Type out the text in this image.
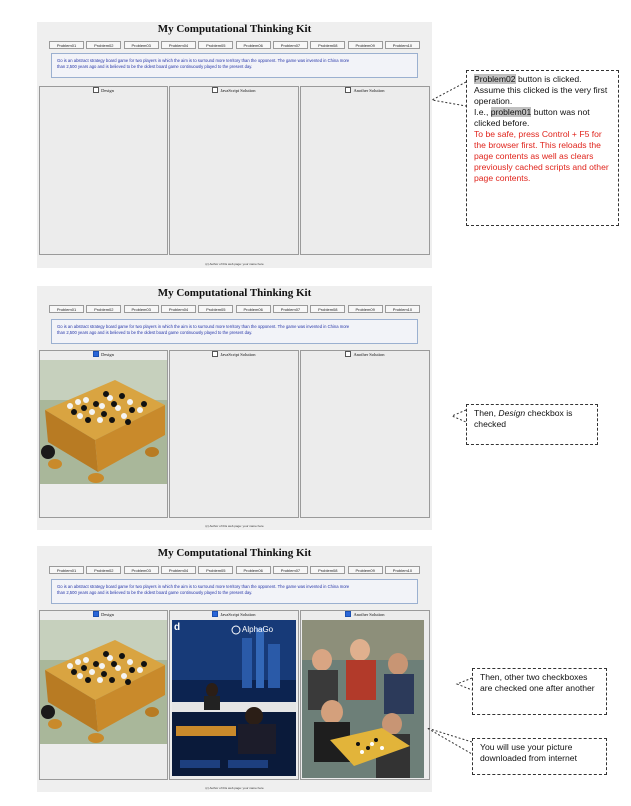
My Computational Thinking Kit
Problem01	Problem02	Problem03	Problem04	Problem05	Problem06	Problem07	Problem08	Problem09	Problem10
Go is an abstract strategy board game for two players in which the aim is to surround more territory than the opponent. The game was invented in China more
than 2,500 years ago and is believed to be the oldest board game continuously played to the present day.
Design	JavaScript Solution	Another Solution
(c) Author of this web page: your name here
My Computational Thinking Kit
Problem01	Problem02	Problem03	Problem04	Problem05	Problem06	Problem07	Problem08	Problem09	Problem10
Go is an abstract strategy board game for two players in which the aim is to surround more territory than the opponent. The game was invented in China more
than 2,500 years ago and is believed to be the oldest board game continuously played to the present day.
Design	JavaScript Solution	Another Solution
(c) Author of this web page: your name here
My Computational Thinking Kit
Problem01	Problem02	Problem03	Problem04	Problem05	Problem06	Problem07	Problem08	Problem09	Problem10
Go is an abstract strategy board game for two players in which the aim is to surround more territory than the opponent. The game was invented in China more
than 2,500 years ago and is believed to be the oldest board game continuously played to the present day.
Design	JavaScript Solution
AlphaGo
d
Another Solution
(c) Author of this web page: your name here
Problem02 button is clicked.
Assume this clicked is the very first operation.
I.e., problem01 button was not clicked before.
To be safe, press Control + F5 for the browser first. This reloads the page contents as well as clears previously cached scripts and other page contents.
Then, Design checkbox is checked
Then, other two checkboxes are checked one after another
You will use your picture downloaded from internet
